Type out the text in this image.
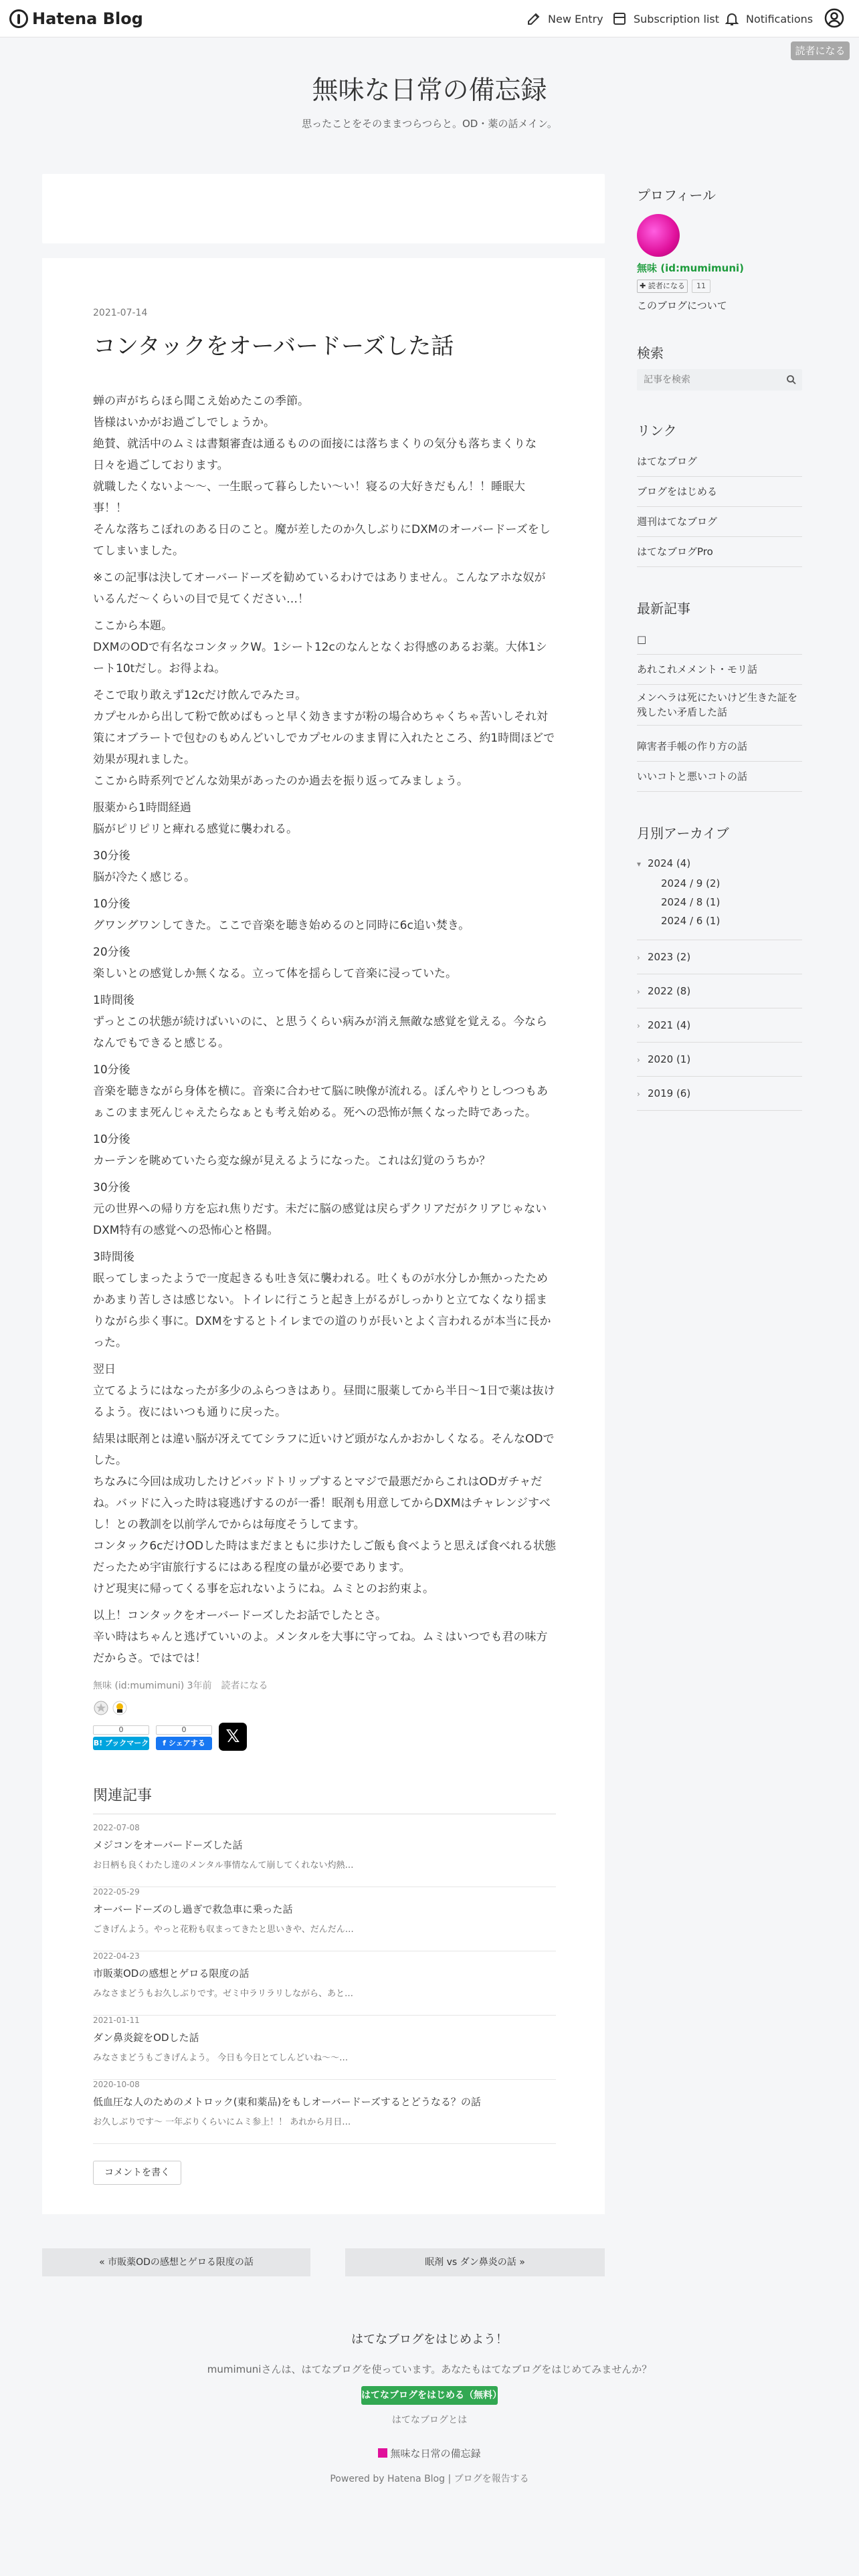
Hatena Blog	New Entry	Subscription list	Notifications
読者になる
無味な日常の備忘録
思ったことをそのままつらつらと。OD・薬の話メイン。
2021-07-14
コンタックをオーバードーズした話

蝉の声がちらほら聞こえ始めたこの季節。
皆様はいかがお過ごしでしょうか。
絶賛、就活中のムミは書類審査は通るものの面接には落ちまくりの気分も落ちまくりな日々を過ごしております。
就職したくないよ〜〜、一生眠って暮らしたい〜い！寝るの大好きだもん！！睡眠大事！！
そんな落ちこぼれのある日のこと。魔が差したのか久しぶりにDXMのオーバードーズをしてしまいました。

※この記事は決してオーバードーズを勧めているわけではありません。こんなアホな奴がいるんだ〜くらいの目で見てください…！

ここから本題。
DXMのODで有名なコンタックW。1シート12cのなんとなくお得感のあるお薬。大体1シート10tだし。お得よね。

そこで取り敢えず12cだけ飲んでみたヨ。
カプセルから出して粉で飲めばもっと早く効きますが粉の場合めちゃくちゃ苦いしそれ対策にオブラートで包むのもめんどいしでカプセルのまま胃に入れたところ、約1時間ほどで効果が現れました。
ここから時系列でどんな効果があったのか過去を振り返ってみましょう。

服薬から1時間経過
脳がピリピリと痺れる感覚に襲われる。

30分後
脳が冷たく感じる。

10分後
グワングワンしてきた。ここで音楽を聴き始めるのと同時に6c追い焚き。

20分後
楽しいとの感覚しか無くなる。立って体を揺らして音楽に浸っていた。

1時間後
ずっとこの状態が続けばいいのに、と思うくらい病みが消え無敵な感覚を覚える。今ならなんでもできると感じる。

10分後
音楽を聴きながら身体を横に。音楽に合わせて脳に映像が流れる。ぼんやりとしつつもあぁこのまま死んじゃえたらなぁとも考え始める。死への恐怖が無くなった時であった。

10分後
カーテンを眺めていたら変な線が見えるようになった。これは幻覚のうちか？

30分後
元の世界への帰り方を忘れ焦りだす。未だに脳の感覚は戻らずクリアだがクリアじゃないDXM特有の感覚への恐怖心と格闘。

3時間後
眠ってしまったようで一度起きるも吐き気に襲われる。吐くものが水分しか無かったためかあまり苦しさは感じない。トイレに行こうと起き上がるがしっかりと立てなくなり揺まりながら歩く事に。DXMをするとトイレまでの道のりが長いとよく言われるが本当に長かった。

翌日
立てるようにはなったが多少のふらつきはあり。昼間に服薬してから半日〜1日で薬は抜けるよう。夜にはいつも通りに戻った。

結果は眠剤とは違い脳が冴えててシラフに近いけど頭がなんかおかしくなる。そんなODでした。
ちなみに今回は成功したけどバッドトリップするとマジで最悪だからこれはODガチャだね。バッドに入った時は寝逃げするのが一番！眠剤も用意してからDXMはチャレンジすべし！との教訓を以前学んでからは毎度そうしてます。
コンタック6cだけODした時はまだまともに歩けたしご飯も食べようと思えば食べれる状態だったため宇宙旅行するにはある程度の量が必要であります。
けど現実に帰ってくる事を忘れないようにね。ムミとのお約束よ。

以上！コンタックをオーバードーズしたお話でしたとさ。
辛い時はちゃんと逃げていいのよ。メンタルを大事に守ってね。ムミはいつでも君の味方だからさ。ではでは！

無味 (id:mumimuni) 3年前　読者になる
0
B! ブックマーク
0
f シェアする	𝕏
関連記事
2022-07-08
メジコンをオーバードーズした話
お日柄も良くわたし達のメンタル事情なんて崩してくれない灼熱…
2022-05-29
オーバードーズのし過ぎで救急車に乗った話
ごきげんよう。やっと花粉も収まってきたと思いきや、だんだん…
2022-04-23
市販薬ODの感想とゲロる限度の話
みなさまどうもお久しぶりです。ゼミ中ラリラリしながら、あと…
2021-01-11
ダン鼻炎錠をODした話
みなさまどうもごきげんよう。 今日も今日とてしんどいね〜〜…
2020-10-08
低血圧な人のためのメトロック(東和薬品)をもしオーバードーズするとどうなる？の話
お久しぶりです〜 一年ぶりくらいにムミ参上！！ あれから月日…
コメントを書く
« 市販薬ODの感想とゲロる限度の話	眠剤 vs ダン鼻炎の話 »
プロフィール
無味 (id:mumimuni)
✚ 読者になる	11
このブログについて
検索
記事を検索
リンク
はてなブログ
ブログをはじめる
週刊はてなブログ
はてなブログPro
最新記事
□
あれこれメメント・モリ話
メンヘラは死にたいけど生きた証を残したい矛盾した話
障害者手帳の作り方の話
いいコトと悪いコトの話
月別アーカイブ
▾ 2024 (4)
2024 / 9 (2)
2024 / 8 (1)
2024 / 6 (1)
› 2023 (2)
› 2022 (8)
› 2021 (4)
› 2020 (1)
› 2019 (6)
はてなブログをはじめよう！
mumimuniさんは、はてなブログを使っています。あなたもはてなブログをはじめてみませんか？
はてなブログをはじめる（無料）
はてなブログとは
無味な日常の備忘録
Powered by Hatena Blog | ブログを報告する
